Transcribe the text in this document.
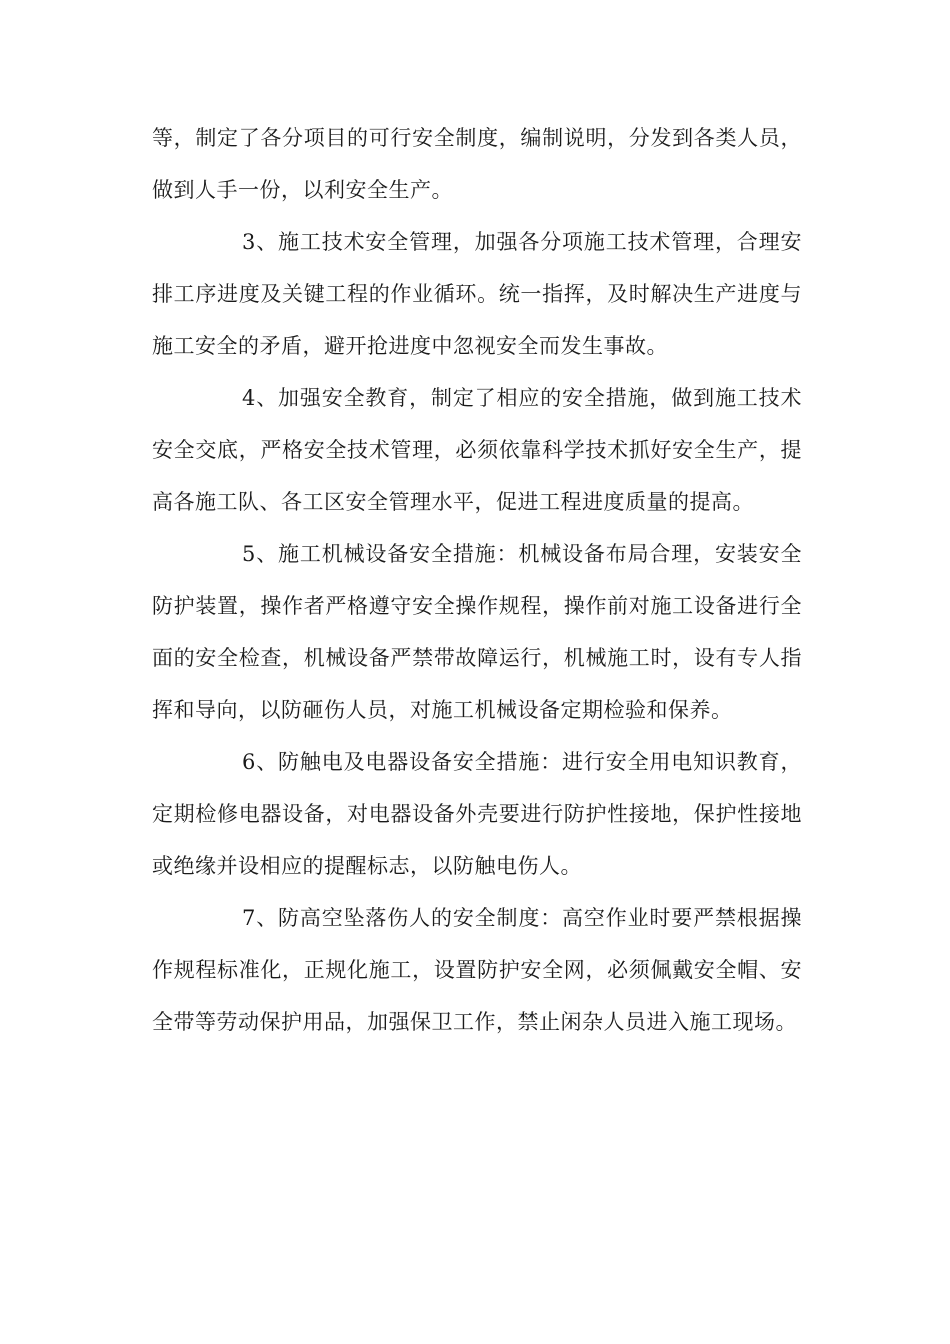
等，制定了各分项目的可行安全制度，编制说明，分发到各类人员，做到人手一份，以利安全生产。

3、施工技术安全管理，加强各分项施工技术管理，合理安排工序进度及关键工程的作业循环。统一指挥，及时解决生产进度与施工安全的矛盾，避开抢进度中忽视安全而发生事故。

4、加强安全教育，制定了相应的安全措施，做到施工技术安全交底，严格安全技术管理，必须依靠科学技术抓好安全生产，提高各施工队、各工区安全管理水平，促进工程进度质量的提高。

5、施工机械设备安全措施：机械设备布局合理，安装安全防护装置，操作者严格遵守安全操作规程，操作前对施工设备进行全面的安全检查，机械设备严禁带故障运行，机械施工时，设有专人指挥和导向，以防砸伤人员，对施工机械设备定期检验和保养。

6、防触电及电器设备安全措施：进行安全用电知识教育，定期检修电器设备，对电器设备外壳要进行防护性接地，保护性接地或绝缘并设相应的提醒标志，以防触电伤人。

7、防高空坠落伤人的安全制度：高空作业时要严禁根据操作规程标准化，正规化施工，设置防护安全网，必须佩戴安全帽、安全带等劳动保护用品，加强保卫工作，禁止闲杂人员进入施工现场。
